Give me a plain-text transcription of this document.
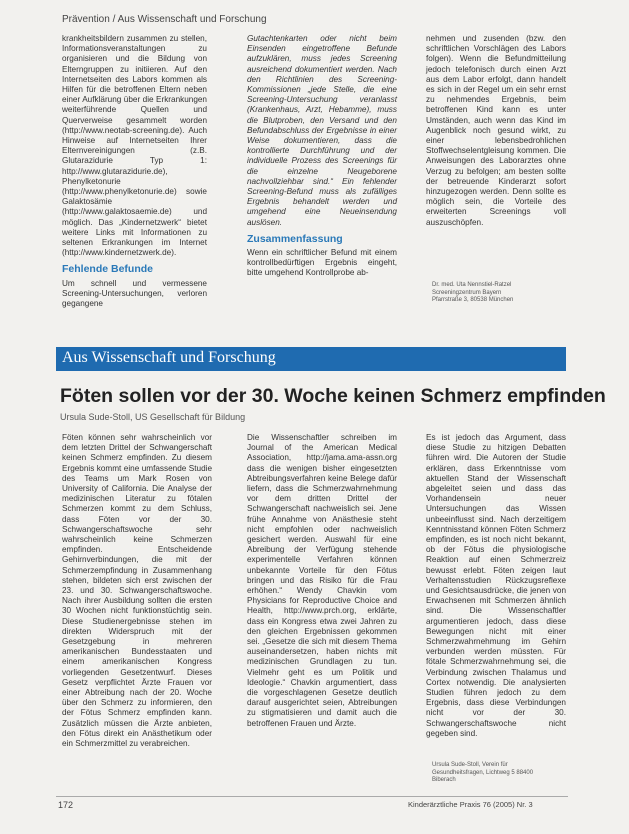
Prävention / Aus Wissenschaft und Forschung

krankheitsbildern zusammen zu stellen, Informationsveranstaltungen zu organisieren und die Bildung von Elterngruppen zu initiieren. Auf den Internetseiten des Labors kommen als Hilfen für die betroffenen Eltern neben einer Aufklärung über die Erkrankungen weiterführende Quellen und Querverweise gesammelt worden (http://www.neotab-screening.de). Auch Hinweise auf Internetseiten Ihrer Elternvereinigungen (z.B. Glutarazidurie Typ 1: http://www.glutarazidurie.de), Phenylketonurie (http://www.phenylketonurie.de) sowie Galaktosämie (http://www.galaktosaemie.de) und möglich. Das „Kindernetzwerk“ bietet weitere Links mit Informationen zu seltenen Erkrankungen im Internet (http://www.kindernetzwerk.de).

Fehlende Befunde

Um schnell und vermessene Screening-Untersuchungen, verloren gegangene

Gutachtenkarten oder nicht beim Einsenden eingetroffene Befunde aufzuklären, muss jedes Screening ausreichend dokumentiert werden. Nach den Richtlinien des Screening-Kommissionen „jede Stelle, die eine Screening-Untersuchung veranlasst (Krankenhaus, Arzt, Hebamme), muss die Blutproben, den Versand und den Befundabschluss der Ergebnisse in einer Weise dokumentieren, dass die kontrollierte Durchführung und der individuelle Prozess des Screenings für die einzelne Neugeborene nachvollziehbar sind.“ Ein fehlender Screening-Befund muss als zufälliges Ergebnis behandelt werden und umgehend eine Neueinsendung auslösen.

Zusammenfassung

Wenn ein schriftlicher Befund mit einem kontrollbedürftigen Ergebnis eingeht, bitte umgehend Kontrollprobe ab-

nehmen und zusenden (bzw. den schriftlichen Vorschlägen des Labors folgen). Wenn die Befundmitteilung jedoch telefonisch durch einen Arzt aus dem Labor erfolgt, dann handelt es sich in der Regel um ein sehr ernst zu nehmendes Ergebnis, beim betroffenen Kind kann es unter Umständen, auch wenn das Kind im Augenblick noch gesund wirkt, zu einer lebensbedrohlichen Stoffwechselentgleisung kommen. Die Anweisungen des Laborarztes ohne Verzug zu befolgen; am besten sollte der betreuende Kinderarzt sofort hinzugezogen werden. Denn sollte es möglich sein, die Vorteile des erweiterten Screenings voll auszuschöpfen.

Dr. med. Uta Nennstiel-Ratzel Screeningzentrum Bayern Pfarrstraße 3, 80538 München
Aus Wissenschaft und Forschung
Föten sollen vor der 30. Woche keinen Schmerz empfinden
Ursula Sude-Stoll, US Gesellschaft für Bildung

Föten können sehr wahrscheinlich vor dem letzten Drittel der Schwangerschaft keinen Schmerz empfinden. Zu diesem Ergebnis kommt eine umfassende Studie des Teams um Mark Rosen von University of California. Die Analyse der medizinischen Literatur zu fötalen Schmerzen kommt zu dem Schluss, dass Föten vor der 30. Schwangerschaftswoche sehr wahrscheinlich keine Schmerzen empfinden. Entscheidende Gehirnverbindungen, die mit der Schmerzempfindung in Zusammenhang stehen, bildeten sich erst zwischen der 23. und 30. Schwangerschaftswoche. Nach ihrer Ausbildung sollten die ersten 30 Wochen nicht funktionstüchtig sein. Diese Studienergebnisse stehen im direkten Widerspruch mit der Gesetzgebung in mehreren amerikanischen Bundesstaaten und einem amerikanischen Kongress vorliegenden Gesetzentwurf. Dieses Gesetz verpflichtet Ärzte Frauen vor einer Abtreibung nach der 20. Woche über den Schmerz zu informieren, den der Fötus Schmerz empfinden kann. Zusätzlich müssen die Ärzte anbieten, den Fötus direkt ein Anästhetikum oder ein Schmerzmittel zu verabreichen.

Die Wissenschaftler schreiben im Journal of the American Medical Association, http://jama.ama-assn.org dass die wenigen bisher eingesetzten Abtreibungsverfahren keine Belege dafür liefern, dass die Schmerzwahrnehmung vor dem dritten Drittel der Schwangerschaft nachweislich sei. Jene frühe Annahme von Anästhesie steht nicht empfohlen oder nachweislich gesichert werden. Auswahl für eine Abreibung der Verfügung stehende experimentelle Verfahren können unbekannte Vorteile für den Fötus bringen und das Risiko für die Frau erhöhen.“ Wendy Chavkin vom Physicians for Reproductive Choice and Health, http://www.prch.org, erklärte, dass ein Kongress etwa zwei Jahren zu den gleichen Ergebnissen gekommen sei. „Gesetze die sich mit diesem Thema auseinandersetzen, haben nichts mit medizinischen Grundlagen zu tun. Vielmehr geht es um Politik und Ideologie.“ Chavkin argumentiert, dass die vorgeschlagenen Gesetze deutlich darauf ausgerichtet seien, Abtreibungen zu stigmatisieren und damit auch die betroffenen Frauen und Ärzte.

Es ist jedoch das Argument, dass diese Studie zu hitzigen Debatten führen wird. Die Autoren der Studie erklären, dass Erkenntnisse vom aktuellen Stand der Wissenschaft abgeleitet seien und dass das Vorhandensein neuer Untersuchungen das Wissen unbeeinflusst sind. Nach derzeitigem Kenntnisstand können Föten Schmerz empfinden, es ist noch nicht bekannt, ob der Fötus die physiologische Reaktion auf einen Schmerzreiz bewusst erlebt. Föten zeigen laut Verhaltensstudien Rückzugsreflexe und Gesichtsausdrücke, die jenen von Erwachsenen mit Schmerzen ähnlich sind. Die Wissenschaftler argumentieren jedoch, dass diese Bewegungen nicht mit einer Schmerzwahrnehmung im Gehirn verbunden werden müssten. Für fötale Schmerzwahrnehmung sei, die Verbindung zwischen Thalamus und Cortex notwendig. Die analysierten Studien führen jedoch zu dem Ergebnis, dass diese Verbindungen nicht vor der 30. Schwangerschaftswoche nicht gegeben sind.

Ursula Sude-Stoll, Verein für Gesundheitsfragen, Lichtweg 5 88400 Biberach
172	Kinderärztliche Praxis 76 (2005) Nr. 3
